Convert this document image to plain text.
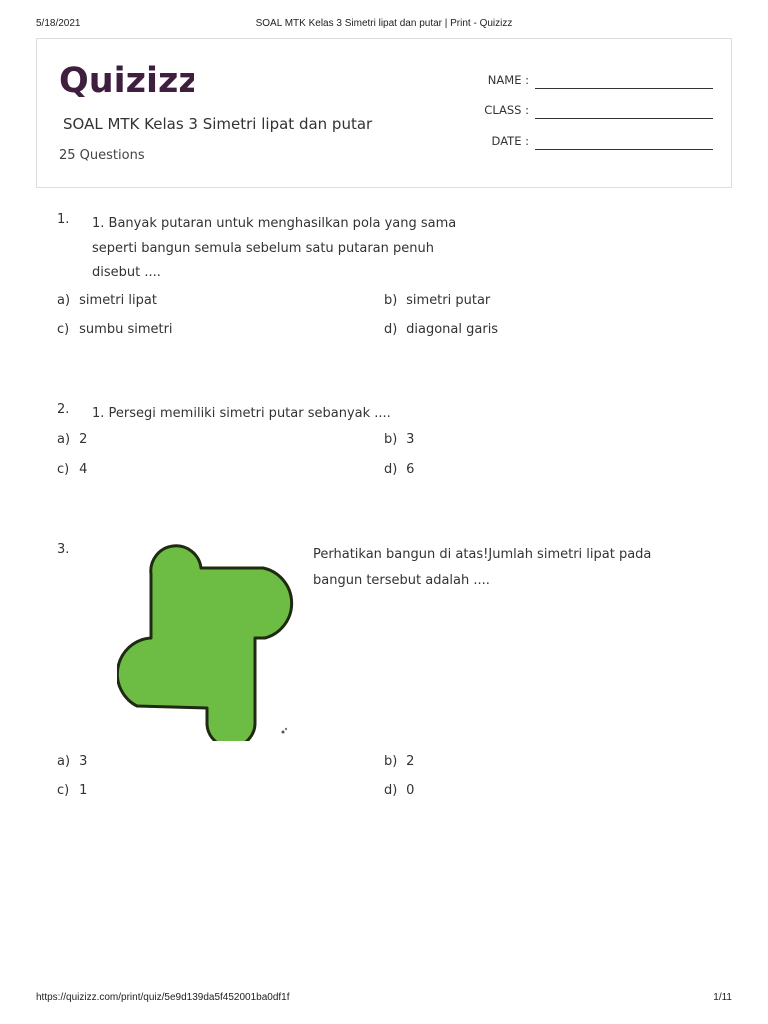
5/18/2021	SOAL MTK Kelas 3 Simetri lipat dan putar | Print - Quizizz
Quizizz
SOAL MTK Kelas 3 Simetri lipat dan putar
25 Questions
NAME :
CLASS :
DATE :
1. 1. Banyak putaran untuk menghasilkan pola yang sama seperti bangun semula sebelum satu putaran penuh disebut ....
a) simetri lipat	b) simetri putar
c) sumbu simetri	d) diagonal garis
2. 1. Persegi memiliki simetri putar sebanyak ....
a) 2	b) 3
c) 4	d) 6
3.	Perhatikan bangun di atas!Jumlah simetri lipat pada bangun tersebut adalah ....
a) 3	b) 2
c) 1	d) 0
https://quizizz.com/print/quiz/5e9d139da5f452001ba0df1f	1/11
